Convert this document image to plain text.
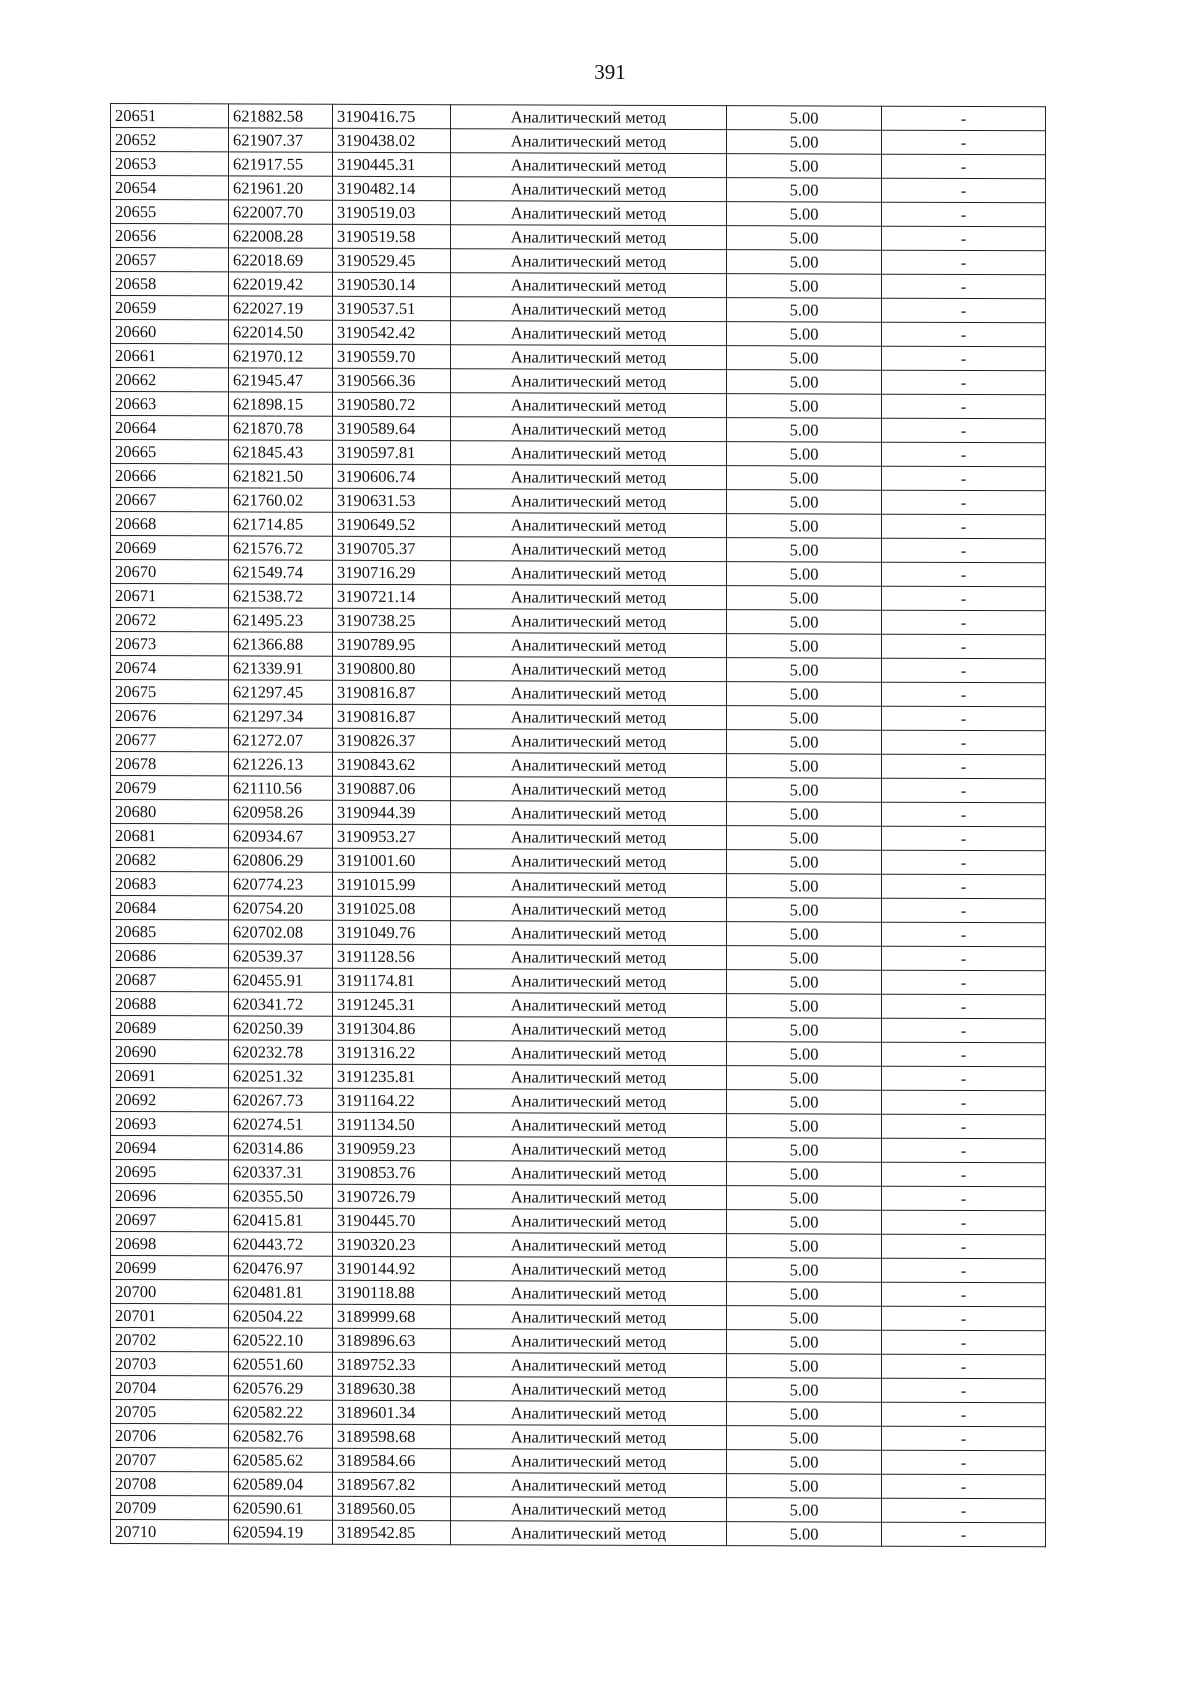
391
20651	621882.58	3190416.75	Аналитический метод	5.00	-
20652	621907.37	3190438.02	Аналитический метод	5.00	-
20653	621917.55	3190445.31	Аналитический метод	5.00	-
20654	621961.20	3190482.14	Аналитический метод	5.00	-
20655	622007.70	3190519.03	Аналитический метод	5.00	-
20656	622008.28	3190519.58	Аналитический метод	5.00	-
20657	622018.69	3190529.45	Аналитический метод	5.00	-
20658	622019.42	3190530.14	Аналитический метод	5.00	-
20659	622027.19	3190537.51	Аналитический метод	5.00	-
20660	622014.50	3190542.42	Аналитический метод	5.00	-
20661	621970.12	3190559.70	Аналитический метод	5.00	-
20662	621945.47	3190566.36	Аналитический метод	5.00	-
20663	621898.15	3190580.72	Аналитический метод	5.00	-
20664	621870.78	3190589.64	Аналитический метод	5.00	-
20665	621845.43	3190597.81	Аналитический метод	5.00	-
20666	621821.50	3190606.74	Аналитический метод	5.00	-
20667	621760.02	3190631.53	Аналитический метод	5.00	-
20668	621714.85	3190649.52	Аналитический метод	5.00	-
20669	621576.72	3190705.37	Аналитический метод	5.00	-
20670	621549.74	3190716.29	Аналитический метод	5.00	-
20671	621538.72	3190721.14	Аналитический метод	5.00	-
20672	621495.23	3190738.25	Аналитический метод	5.00	-
20673	621366.88	3190789.95	Аналитический метод	5.00	-
20674	621339.91	3190800.80	Аналитический метод	5.00	-
20675	621297.45	3190816.87	Аналитический метод	5.00	-
20676	621297.34	3190816.87	Аналитический метод	5.00	-
20677	621272.07	3190826.37	Аналитический метод	5.00	-
20678	621226.13	3190843.62	Аналитический метод	5.00	-
20679	621110.56	3190887.06	Аналитический метод	5.00	-
20680	620958.26	3190944.39	Аналитический метод	5.00	-
20681	620934.67	3190953.27	Аналитический метод	5.00	-
20682	620806.29	3191001.60	Аналитический метод	5.00	-
20683	620774.23	3191015.99	Аналитический метод	5.00	-
20684	620754.20	3191025.08	Аналитический метод	5.00	-
20685	620702.08	3191049.76	Аналитический метод	5.00	-
20686	620539.37	3191128.56	Аналитический метод	5.00	-
20687	620455.91	3191174.81	Аналитический метод	5.00	-
20688	620341.72	3191245.31	Аналитический метод	5.00	-
20689	620250.39	3191304.86	Аналитический метод	5.00	-
20690	620232.78	3191316.22	Аналитический метод	5.00	-
20691	620251.32	3191235.81	Аналитический метод	5.00	-
20692	620267.73	3191164.22	Аналитический метод	5.00	-
20693	620274.51	3191134.50	Аналитический метод	5.00	-
20694	620314.86	3190959.23	Аналитический метод	5.00	-
20695	620337.31	3190853.76	Аналитический метод	5.00	-
20696	620355.50	3190726.79	Аналитический метод	5.00	-
20697	620415.81	3190445.70	Аналитический метод	5.00	-
20698	620443.72	3190320.23	Аналитический метод	5.00	-
20699	620476.97	3190144.92	Аналитический метод	5.00	-
20700	620481.81	3190118.88	Аналитический метод	5.00	-
20701	620504.22	3189999.68	Аналитический метод	5.00	-
20702	620522.10	3189896.63	Аналитический метод	5.00	-
20703	620551.60	3189752.33	Аналитический метод	5.00	-
20704	620576.29	3189630.38	Аналитический метод	5.00	-
20705	620582.22	3189601.34	Аналитический метод	5.00	-
20706	620582.76	3189598.68	Аналитический метод	5.00	-
20707	620585.62	3189584.66	Аналитический метод	5.00	-
20708	620589.04	3189567.82	Аналитический метод	5.00	-
20709	620590.61	3189560.05	Аналитический метод	5.00	-
20710	620594.19	3189542.85	Аналитический метод	5.00	-
